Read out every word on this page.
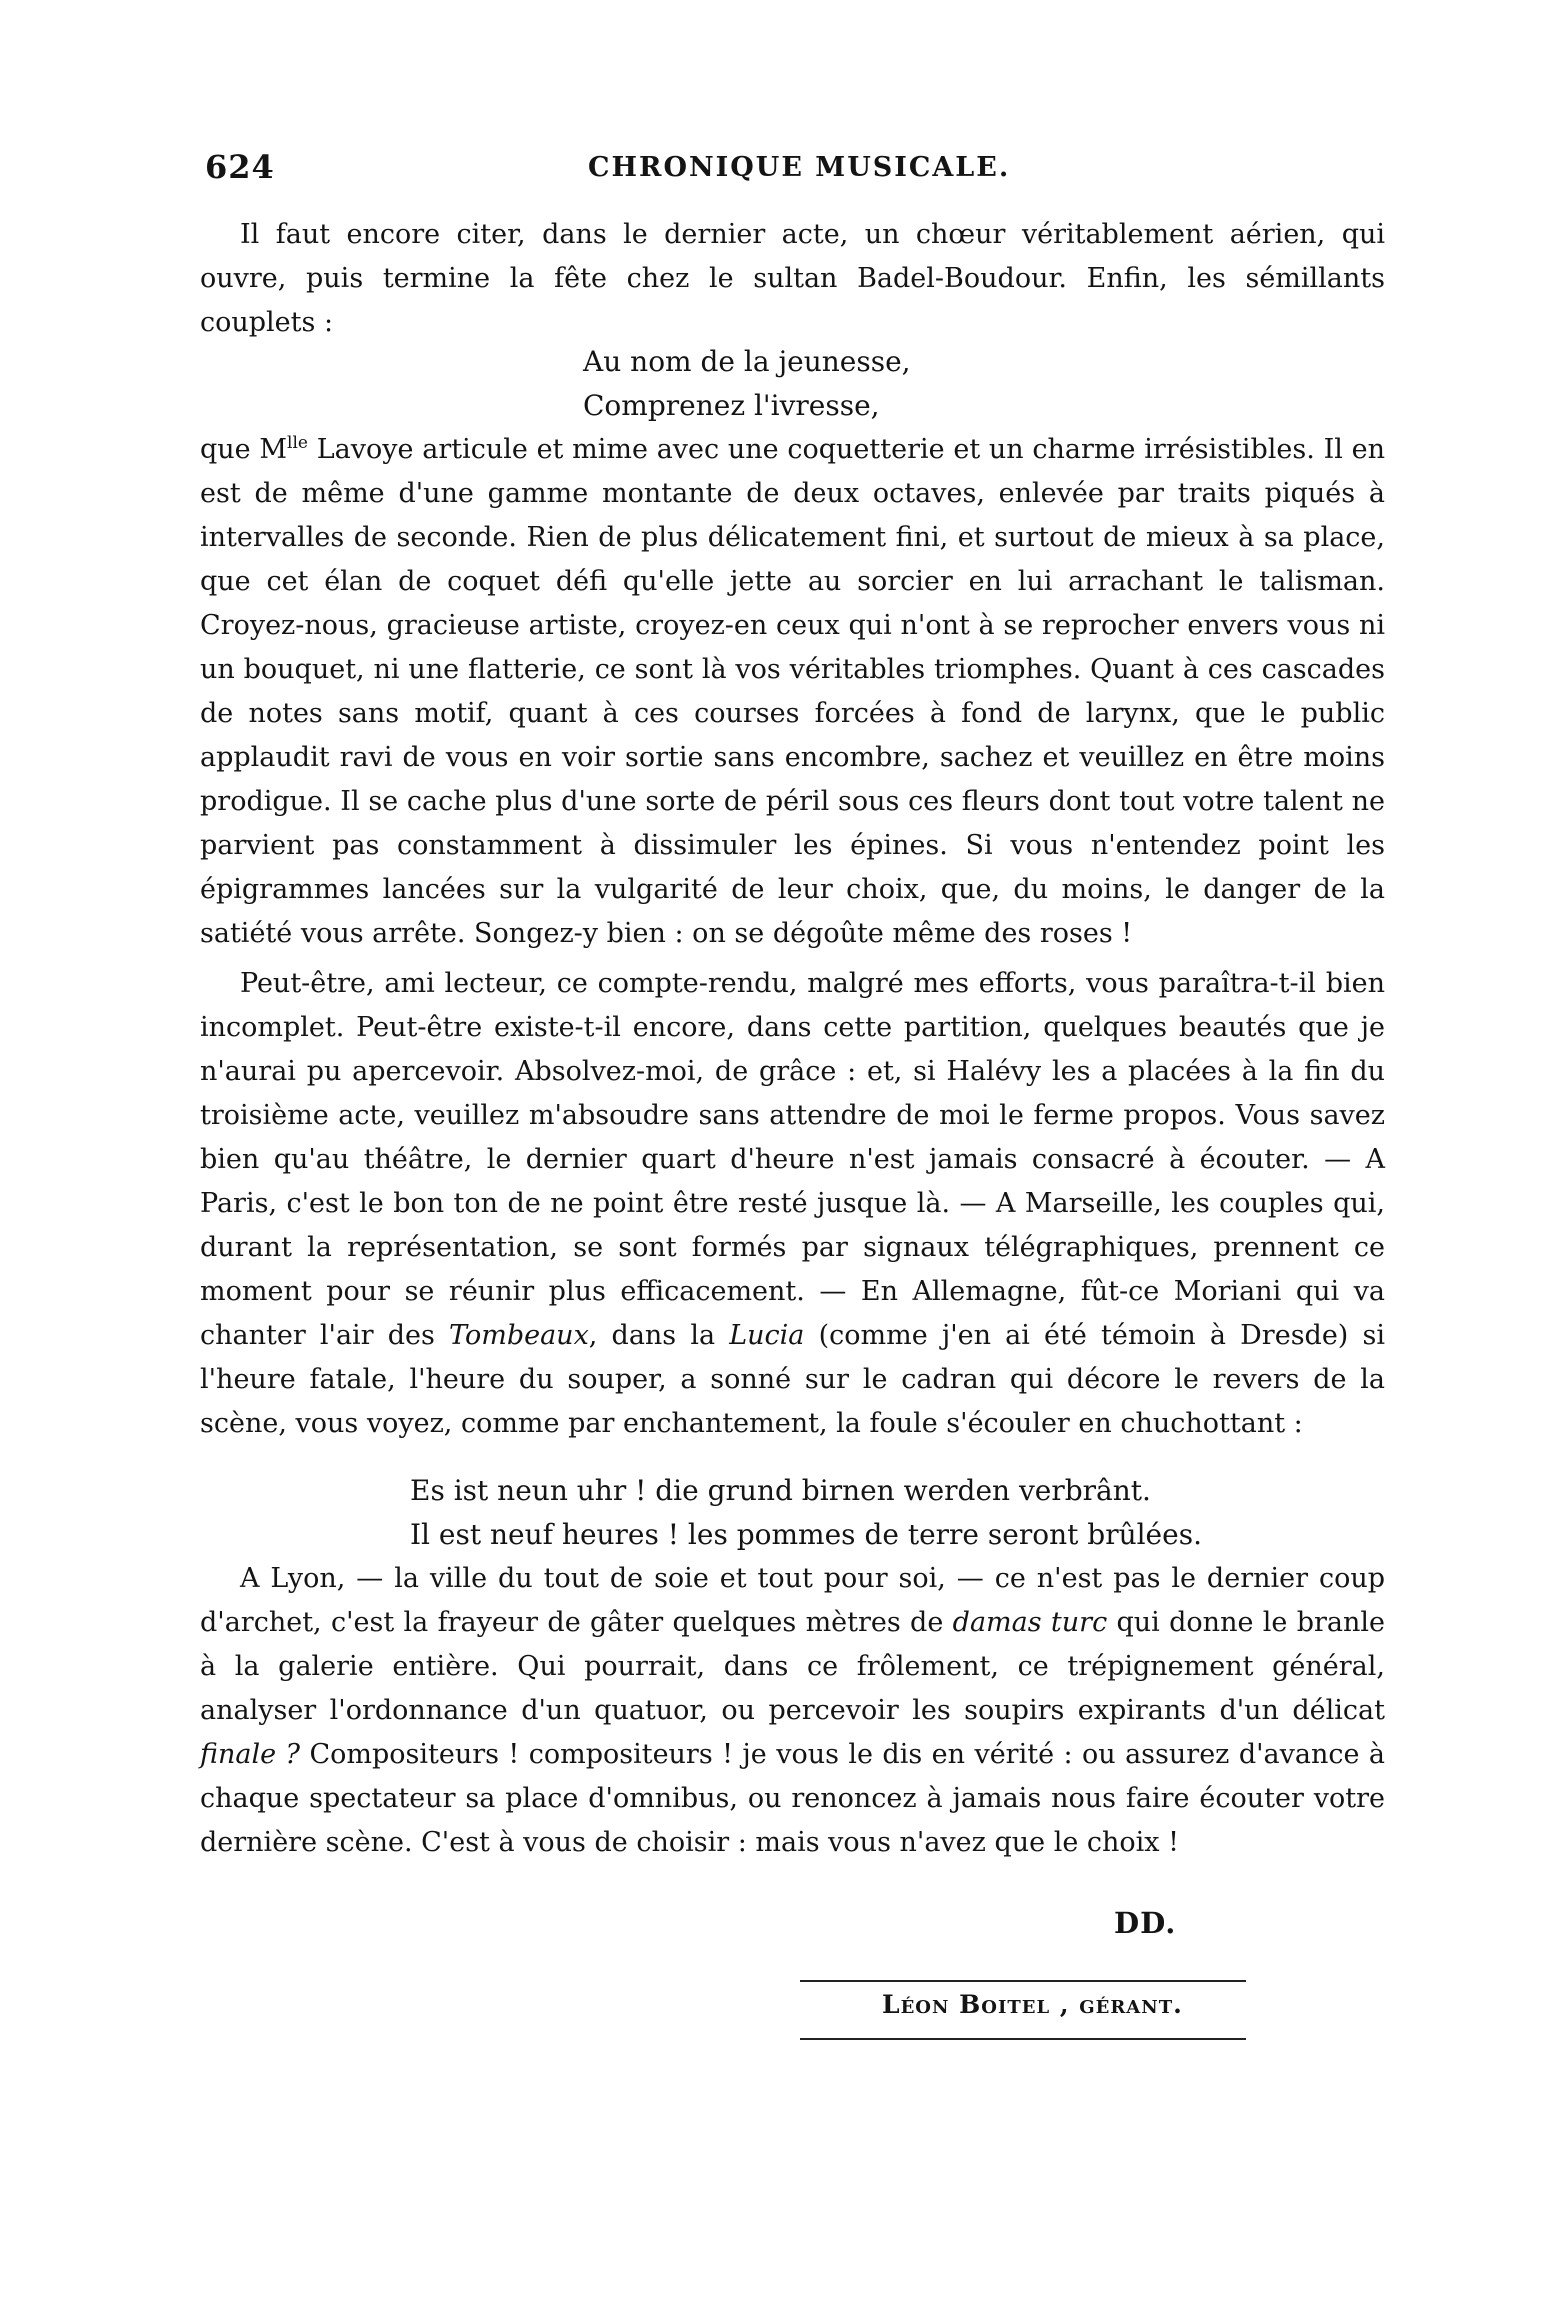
624	CHRONIQUE MUSICALE.

Il faut encore citer, dans le dernier acte, un chœur véritablement aérien, qui ouvre, puis termine la fête chez le sultan Badel-Boudour. Enfin, les sémillants couplets :

Au nom de la jeunesse,
Comprenez l'ivresse,

que $M^{lle}$ Lavoye articule et mime avec une coquetterie et un charme irrésistibles. Il en est de même d'une gamme montante de deux octaves, enlevée par traits piqués à intervalles de seconde. Rien de plus délicatement fini, et surtout de mieux à sa place, que cet élan de coquet défi qu'elle jette au sorcier en lui arrachant le talisman. Croyez-nous, gracieuse artiste, croyez-en ceux qui n'ont à se reprocher envers vous ni un bouquet, ni une flatterie, ce sont là vos véritables triomphes. Quant à ces cascades de notes sans motif, quant à ces courses forcées à fond de larynx, que le public applaudit ravi de vous en voir sortie sans encombre, sachez et veuillez en être moins prodigue. Il se cache plus d'une sorte de péril sous ces fleurs dont tout votre talent ne parvient pas constamment à dissimuler les épines. Si vous n'entendez point les épigrammes lancées sur la vulgarité de leur choix, que, du moins, le danger de la satiété vous arrête. Songez-y bien : on se dégoûte même des roses !

Peut-être, ami lecteur, ce compte-rendu, malgré mes efforts, vous paraîtra-t-il bien incomplet. Peut-être existe-t-il encore, dans cette partition, quelques beautés que je n'aurai pu apercevoir. Absolvez-moi, de grâce : et, si Halévy les a placées à la fin du troisième acte, veuillez m'absoudre sans attendre de moi le ferme propos. Vous savez bien qu'au théâtre, le dernier quart d'heure n'est jamais consacré à écouter. — A Paris, c'est le bon ton de ne point être resté jusque là. — A Marseille, les couples qui, durant la représentation, se sont formés par signaux télégraphiques, prennent ce moment pour se réunir plus efficacement. — En Allemagne, fût-ce Moriani qui va chanter l'air des Tombeaux, dans la Lucia (comme j'en ai été témoin à Dresde) si l'heure fatale, l'heure du souper, a sonné sur le cadran qui décore le revers de la scène, vous voyez, comme par enchantement, la foule s'écouler en chuchottant :

Es ist neun uhr ! die grund birnen werden verbrânt.
Il est neuf heures ! les pommes de terre seront brûlées.

A Lyon, — la ville du tout de soie et tout pour soi, — ce n'est pas le dernier coup d'archet, c'est la frayeur de gâter quelques mètres de damas turc qui donne le branle à la galerie entière. Qui pourrait, dans ce frôlement, ce trépignement général, analyser l'ordonnance d'un quatuor, ou percevoir les soupirs expirants d'un délicat finale ? Compositeurs ! compositeurs ! je vous le dis en vérité : ou assurez d'avance à chaque spectateur sa place d'omnibus, ou renoncez à jamais nous faire écouter votre dernière scène. C'est à vous de choisir : mais vous n'avez que le choix !

DD.
Léon Boitel , gérant.
